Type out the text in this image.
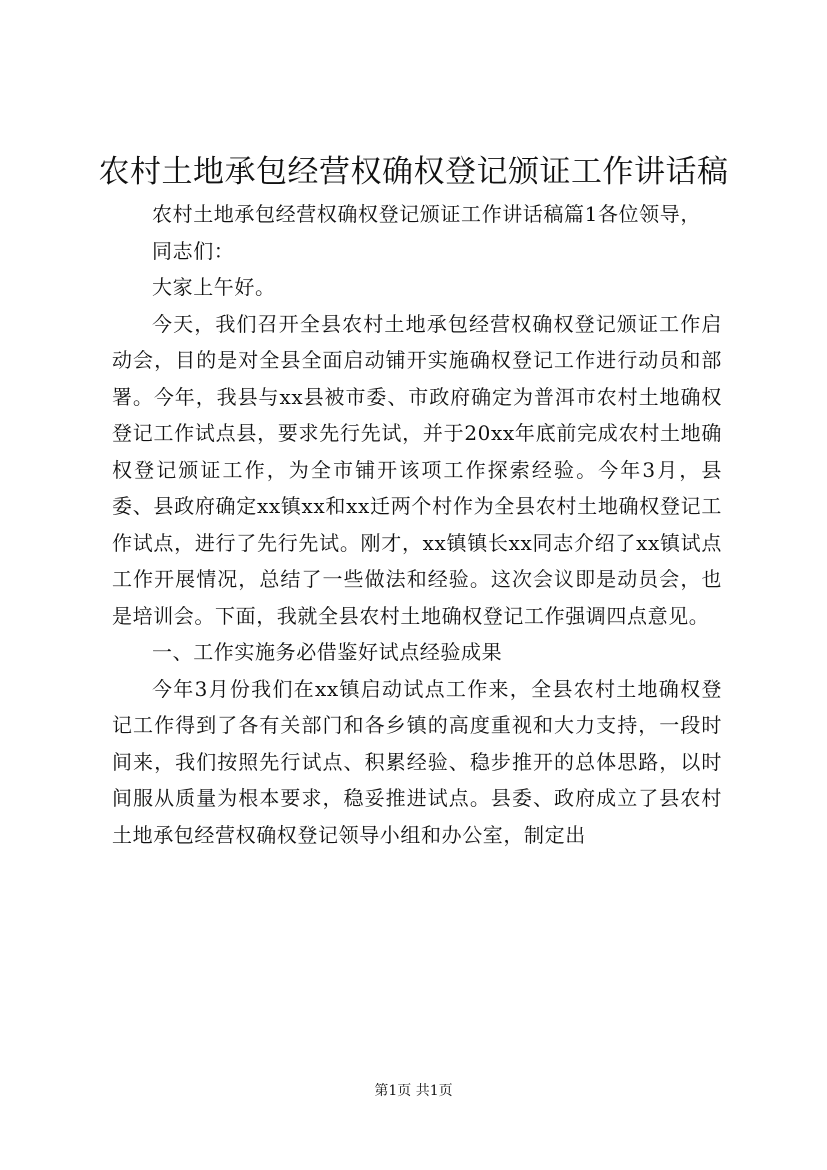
农村土地承包经营权确权登记颁证工作讲话稿

农村土地承包经营权确权登记颁证工作讲话稿篇1各位领导，

同志们：

大家上午好。

今天，我们召开全县农村土地承包经营权确权登记颁证工作启动会，目的是对全县全面启动铺开实施确权登记工作进行动员和部署。今年，我县与xx县被市委、市政府确定为普洱市农村土地确权登记工作试点县，要求先行先试，并于20xx年底前完成农村土地确权登记颁证工作，为全市铺开该项工作探索经验。今年3月，县委、县政府确定xx镇xx和xx迁两个村作为全县农村土地确权登记工作试点，进行了先行先试。刚才，xx镇镇长xx同志介绍了xx镇试点工作开展情况，总结了一些做法和经验。这次会议即是动员会，也是培训会。下面，我就全县农村土地确权登记工作强调四点意见。

一、工作实施务必借鉴好试点经验成果

今年3月份我们在xx镇启动试点工作来，全县农村土地确权登记工作得到了各有关部门和各乡镇的高度重视和大力支持，一段时间来，我们按照先行试点、积累经验、稳步推开的总体思路，以时间服从质量为根本要求，稳妥推进试点。县委、政府成立了县农村土地承包经营权确权登记领导小组和办公室，制定出

第1页 共1页
